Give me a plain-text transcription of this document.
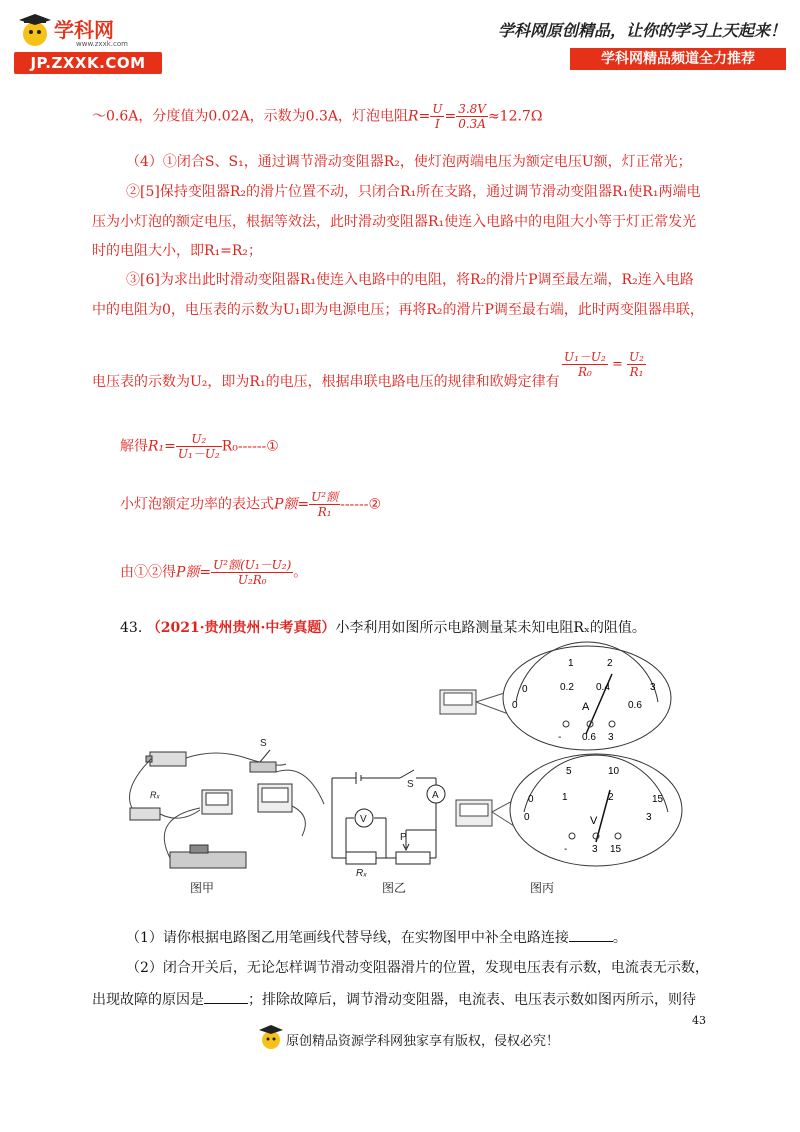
学科网
www.zxxk.com
JP.ZXXK.COM
学科网原创精品，让你的学习上天起来！
学科网精品频道全力推荐
～0.6A，分度值为0.02A，示数为0.3A，灯泡电阻$R= \frac{U}{I} = \frac{3.8V}{0.3A} \approx 12.7\Omega$
（4）①闭合S、S₁，通过调节滑动变阻器R₂，使灯泡两端电压为额定电压U额，灯正常光；
②[5]保持变阻器R₂的滑片位置不动，只闭合R₁所在支路，通过调节滑动变阻器R₁使R₁两端电
压为小灯泡的额定电压，根据等效法，此时滑动变阻器R₁使连入电路中的电阻大小等于灯正常发光
时的电阻大小，即R₁=R₂；
③[6]为求出此时滑动变阻器R₁使连入电路中的电阻，将R₂的滑片P调至最左端，R₂连入电路
中的电阻为0，电压表的示数为U₁即为电源电压；再将R₂的滑片P调至最右端，此时两变阻器串联，
电压表的示数为U₂，即为R₁的电压，根据串联电路电压的规律和欧姆定律有
$\frac{\text{U₁－U₂}}{\text{R₀}} = \frac{\text{U₂}}{\text{R₁}}$
解得$R_1= \frac{\text{U₂}}{\text{U₁－U₂}}$ R₀------①
小灯泡额定功率的表达式P额= $\frac{\text{U²额}}{\text{R₁}}$ ------②
由①②得P额= $\frac{\text{U²额(U₁－U₂)}}{\text{U₂R₀}}$ 。
43. （2021·贵州贵州·中考真题）小李利用如图所示电路测量某未知电阻Rₓ的阻值。
图甲
Rₓ
S
S
A
V
P
Rₓ
图乙
1	2
0	3
0
0.2 0.4
0.6
A
- 0.6 3
5	10
0	15
0
1	2
3
V
- 3 15
图丙
（1）请你根据电路图乙用笔画线代替导线，在实物图甲中补全电路连接	。
（2）闭合开关后，无论怎样调节滑动变阻器滑片的位置，发现电压表有示数，电流表无示数，
出现故障的原因是	；排除故障后，调节滑动变阻器，电流表、电压表示数如图丙所示，则待
43
原创精品资源学科网独家享有版权，侵权必究！
